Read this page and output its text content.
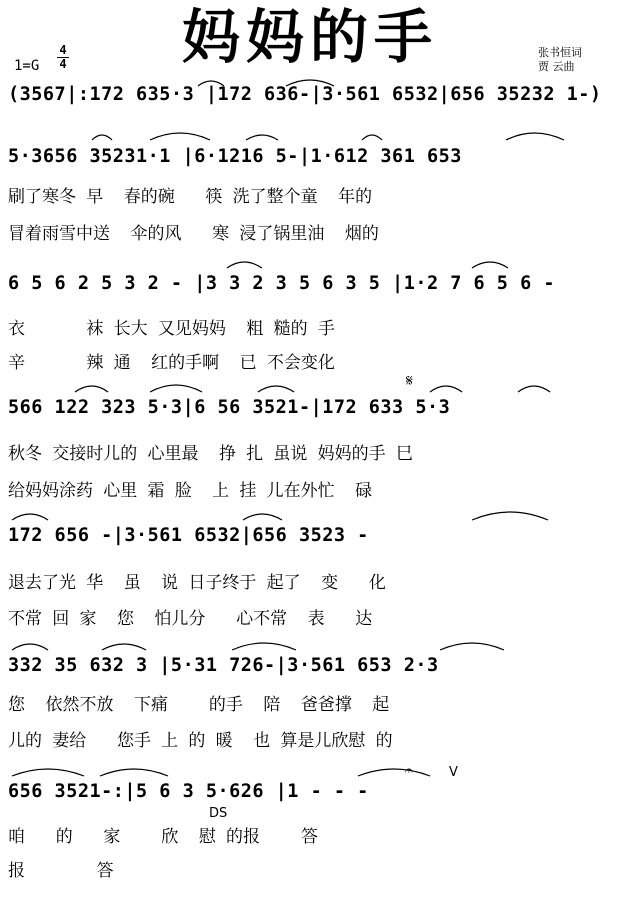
妈妈的手	张书恒词
贾 云曲
1=G
4
4
(3567|:172 635·3 |172 636-|3·561 6532|656 35232 1-)
5·3656 35231·1 |6·1216 5-|1·612 361 653
刷了寒冬 早  春的碗   筷 洗了整个童  年的
冒着雨雪中送  伞的风   寒 浸了锅里油  烟的
6 5 6 2 5 3 2 - |3 3 2 3 5 6 3 5 |1·2 7 6 5 6 -
衣      袜 长大 又见妈妈  粗 糙的 手
辛      辣 通  红的手啊  已 不会变化
566 122 323 5·3|6 56 3521-|172 633 5·3
秋冬 交接时儿的 心里最  挣 扎 虽说 妈妈的手 巳
给妈妈涂药 心里 霜 脸  上 挂 儿在外忙  碌
172 656 -|3·561 6532|656 3523 -
退去了光 华  虽  说 日子终于 起了  变   化
不常 回 家  您  怕儿分   心不常  表   达
332 35 632 3 |5·31 726-|3·561 653 2·3
您  依然不放  下痛    的手  陪  爸爸撑  起
儿的 妻给   您手 上 的 暖  也 算是儿欣慰 的
656 3521-:|5 6 3 5·626 |1 - - -
咱   的   家    欣  慰 的报    答
报       答
DS
𝄋
𝄐	V
